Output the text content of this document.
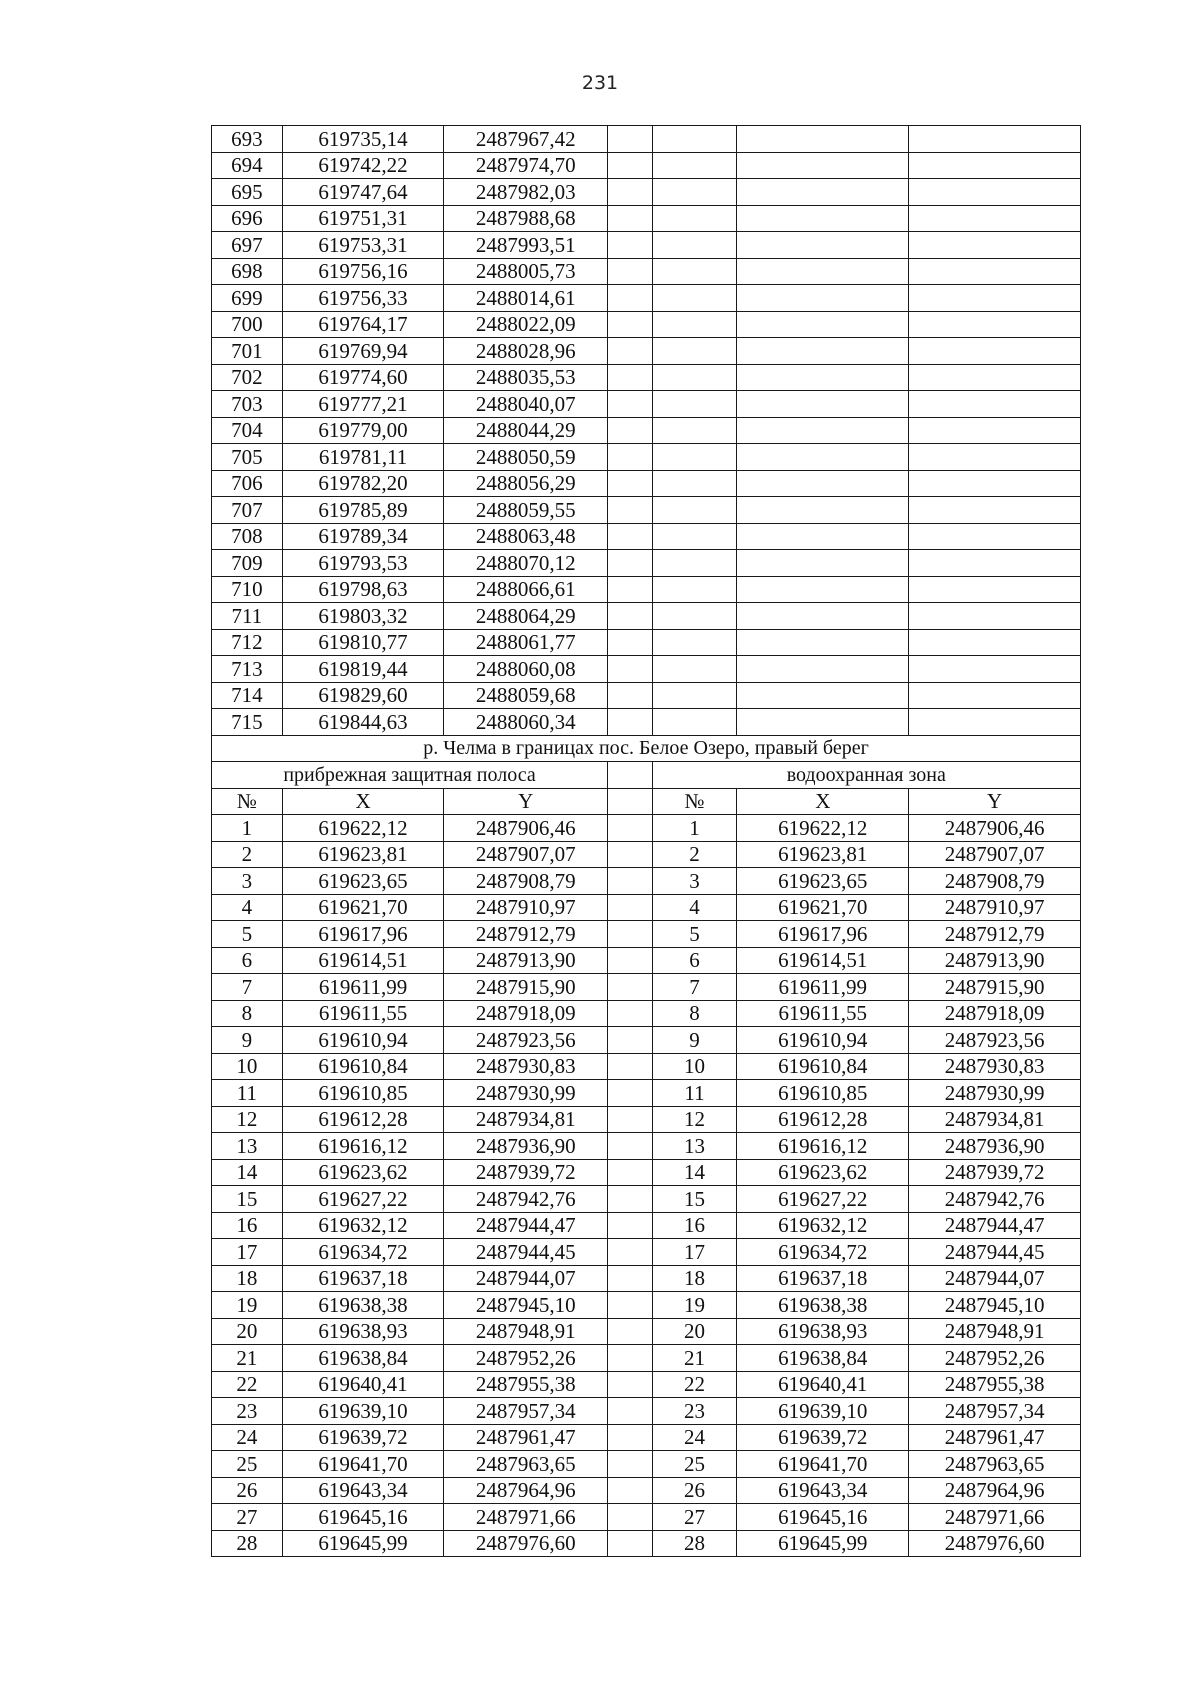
231
693	619735,14	2487967,42				
694	619742,22	2487974,70				
695	619747,64	2487982,03				
696	619751,31	2487988,68				
697	619753,31	2487993,51				
698	619756,16	2488005,73				
699	619756,33	2488014,61				
700	619764,17	2488022,09				
701	619769,94	2488028,96				
702	619774,60	2488035,53				
703	619777,21	2488040,07				
704	619779,00	2488044,29				
705	619781,11	2488050,59				
706	619782,20	2488056,29				
707	619785,89	2488059,55				
708	619789,34	2488063,48				
709	619793,53	2488070,12				
710	619798,63	2488066,61				
711	619803,32	2488064,29				
712	619810,77	2488061,77				
713	619819,44	2488060,08				
714	619829,60	2488059,68				
715	619844,63	2488060,34				
р. Челма в границах пос. Белое Озеро, правый берег						
прибрежная защитная полоса				водоохранная зона		
№	X	Y		№	X	Y
1	619622,12	2487906,46		1	619622,12	2487906,46
2	619623,81	2487907,07		2	619623,81	2487907,07
3	619623,65	2487908,79		3	619623,65	2487908,79
4	619621,70	2487910,97		4	619621,70	2487910,97
5	619617,96	2487912,79		5	619617,96	2487912,79
6	619614,51	2487913,90		6	619614,51	2487913,90
7	619611,99	2487915,90		7	619611,99	2487915,90
8	619611,55	2487918,09		8	619611,55	2487918,09
9	619610,94	2487923,56		9	619610,94	2487923,56
10	619610,84	2487930,83		10	619610,84	2487930,83
11	619610,85	2487930,99		11	619610,85	2487930,99
12	619612,28	2487934,81		12	619612,28	2487934,81
13	619616,12	2487936,90		13	619616,12	2487936,90
14	619623,62	2487939,72		14	619623,62	2487939,72
15	619627,22	2487942,76		15	619627,22	2487942,76
16	619632,12	2487944,47		16	619632,12	2487944,47
17	619634,72	2487944,45		17	619634,72	2487944,45
18	619637,18	2487944,07		18	619637,18	2487944,07
19	619638,38	2487945,10		19	619638,38	2487945,10
20	619638,93	2487948,91		20	619638,93	2487948,91
21	619638,84	2487952,26		21	619638,84	2487952,26
22	619640,41	2487955,38		22	619640,41	2487955,38
23	619639,10	2487957,34		23	619639,10	2487957,34
24	619639,72	2487961,47		24	619639,72	2487961,47
25	619641,70	2487963,65		25	619641,70	2487963,65
26	619643,34	2487964,96		26	619643,34	2487964,96
27	619645,16	2487971,66		27	619645,16	2487971,66
28	619645,99	2487976,60		28	619645,99	2487976,60
